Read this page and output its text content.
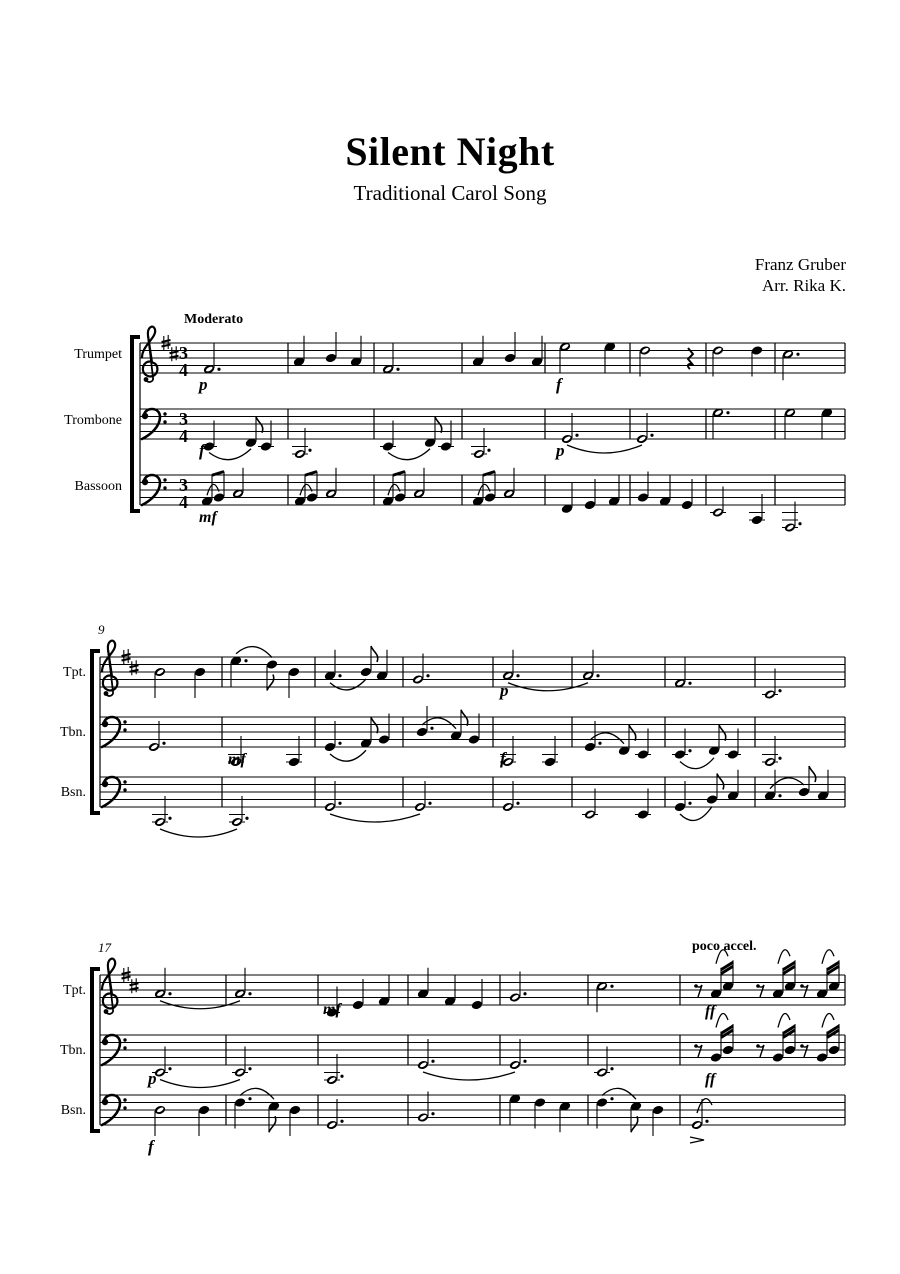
Silent Night
Traditional Carol Song
Franz Gruber
Arr. Rika K.
Moderato
poco accel.
9
17
Trumpet
Trombone
Bassoon
Tpt.
Tbn.
Bsn.
Tpt.
Tbn.
Bsn.
3
4
3
4
3
4
p	f
f	p
mf
p
mf	f
mf	ff
p	ff
f
